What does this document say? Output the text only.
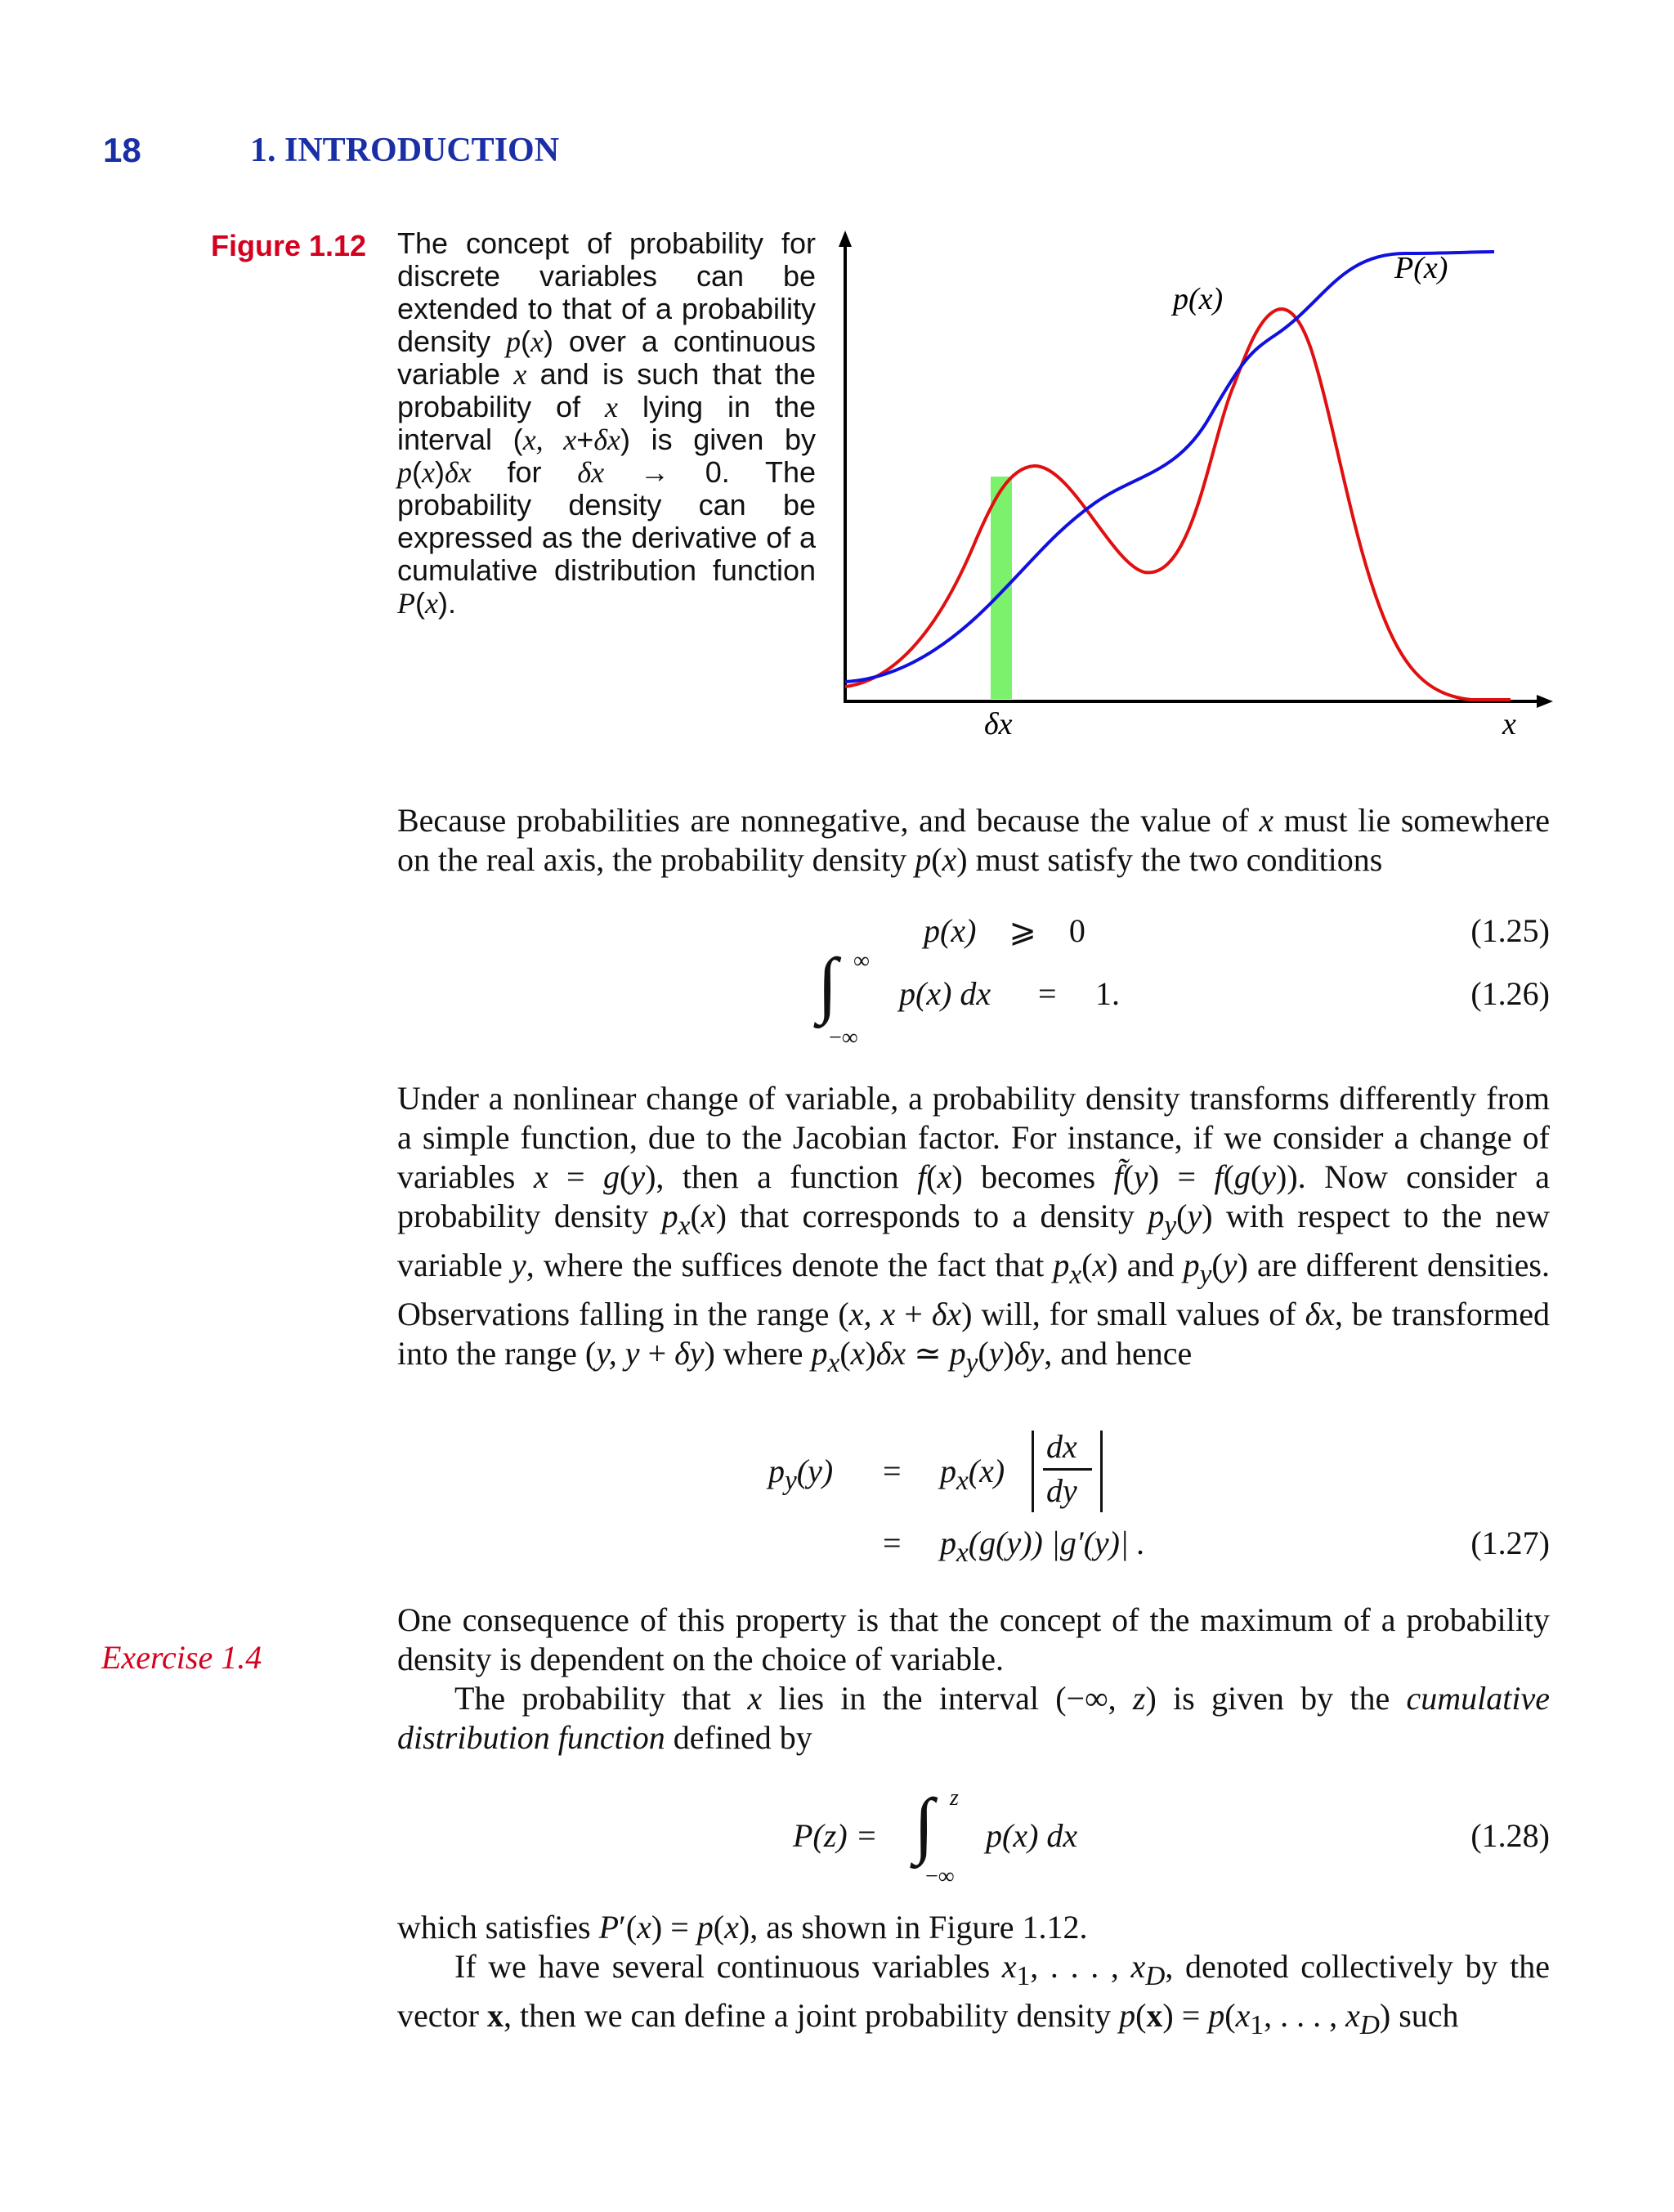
18	1. INTRODUCTION
Figure 1.12 The concept of probability for discrete variables can be extended to that of a probability density p(x) over a continuous variable x and is such that the probability of x lying in the interval (x, x+δx) is given by p(x)δx for δx → 0. The probability density can be expressed as the derivative of a cumulative distribution function P(x).
p(x)
P(x)
δx	x
Because probabilities are nonnegative, and because the value of x must lie somewhere on the real axis, the probability density p(x) must satisfy the two conditions
p(x) ⩾ 0	(1.25)
∫ ∞
−∞
p(x) dx = 1.	(1.26)
Under a nonlinear change of variable, a probability density transforms differently from a simple function, due to the Jacobian factor. For instance, if we consider a change of variables x = g(y), then a function f(x) becomes f̃(y) = f(g(y)). Now consider a probability density $p_x(x)$ that corresponds to a density $p_y(y)$ with respect to the new variable y, where the suffices denote the fact that $p_x(x)$ and $p_y(y)$ are different densities. Observations falling in the range (x, x + δx) will, for small values of δx, be transformed into the range (y, y + δy) where $p_x(x)\delta x$ ≃ $p_y(y)\delta y$, and hence
$p_y(y) = p_x(x)$
dx
dy
= $p_x(g(y))$ |g′(y)| .	(1.27)
Exercise 1.4
One consequence of this property is that the concept of the maximum of a probability density is dependent on the choice of variable.
The probability that x lies in the interval (−∞, z) is given by the cumulative distribution function defined by
P(z) = ∫ z
−∞
p(x) dx	(1.28)
which satisfies P′(x) = p(x), as shown in Figure 1.12.
If we have several continuous variables $x_1$, . . . , $x_D$, denoted collectively by the vector x, then we can define a joint probability density $p(x) = p(x_1$, . . . , $x_D$) such
